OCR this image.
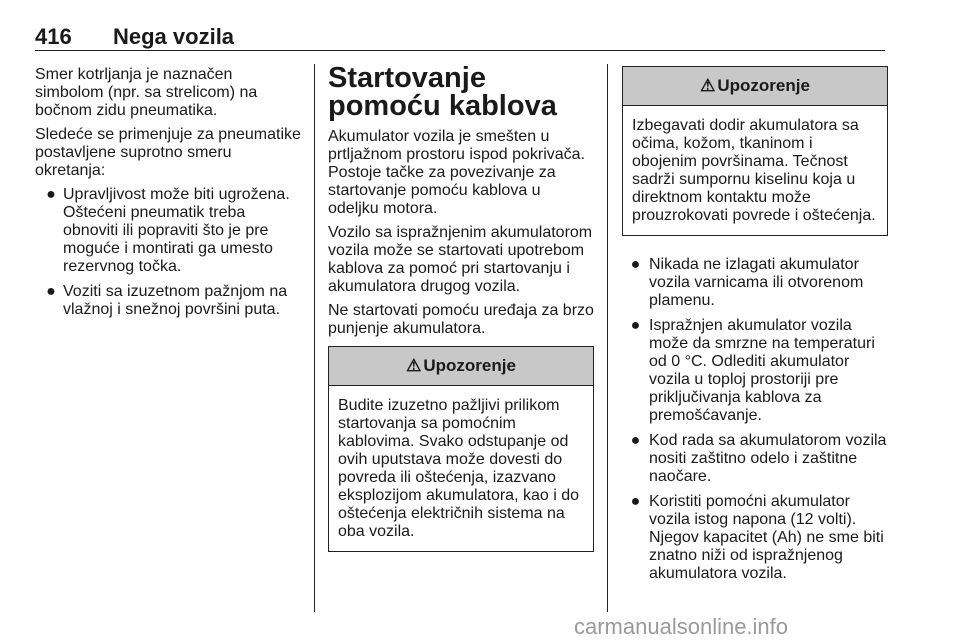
416 Nega vozila

Smer kotrljanja je naznačen simbolom (npr. sa strelicom) na bočnom zidu pneumatika.

Sledeće se primenjuje za pneumatike postavljene suprotno smeru okretanja:

● Upravljivost može biti ugrožena. Oštećeni pneumatik treba obnoviti ili popraviti što je pre moguće i montirati ga umesto rezervnog točka.
● Voziti sa izuzetnom pažnjom na vlažnoj i snežnoj površini puta.
Startovanje pomoću kablova

Akumulator vozila je smešten u prtljažnom prostoru ispod pokrivača. Postoje tačke za povezivanje za startovanje pomoću kablova u odeljku motora.

Vozilo sa ispražnjenim akumulatorom vozila može se startovati upotrebom kablova za pomoć pri startovanju i akumulatora drugog vozila.

Ne startovati pomoću uređaja za brzo punjenje akumulatora.

⚠ Upozorenje
Budite izuzetno pažljivi prilikom startovanja sa pomoćnim kablovima. Svako odstupanje od ovih uputstava može dovesti do povreda ili oštećenja, izazvano eksplozijom akumulatora, kao i do oštećenja električnih sistema na oba vozila.
⚠ Upozorenje
Izbegavati dodir akumulatora sa očima, kožom, tkaninom i obojenim površinama. Tečnost sadrži sumpornu kiselinu koja u direktnom kontaktu može prouzrokovati povrede i oštećenja.
● Nikada ne izlagati akumulator vozila varnicama ili otvorenom plamenu.
● Ispražnjen akumulator vozila može da smrzne na temperaturi od 0 °C. Odlediti akumulator vozila u toploj prostoriji pre priključivanja kablova za premošćavanje.
● Kod rada sa akumulatorom vozila nositi zaštitno odelo i zaštitne naočare.
● Koristiti pomoćni akumulator vozila istog napona (12 volti). Njegov kapacitet (Ah) ne sme biti znatno niži od ispražnjenog akumulatora vozila.
carmanualsonline.info
